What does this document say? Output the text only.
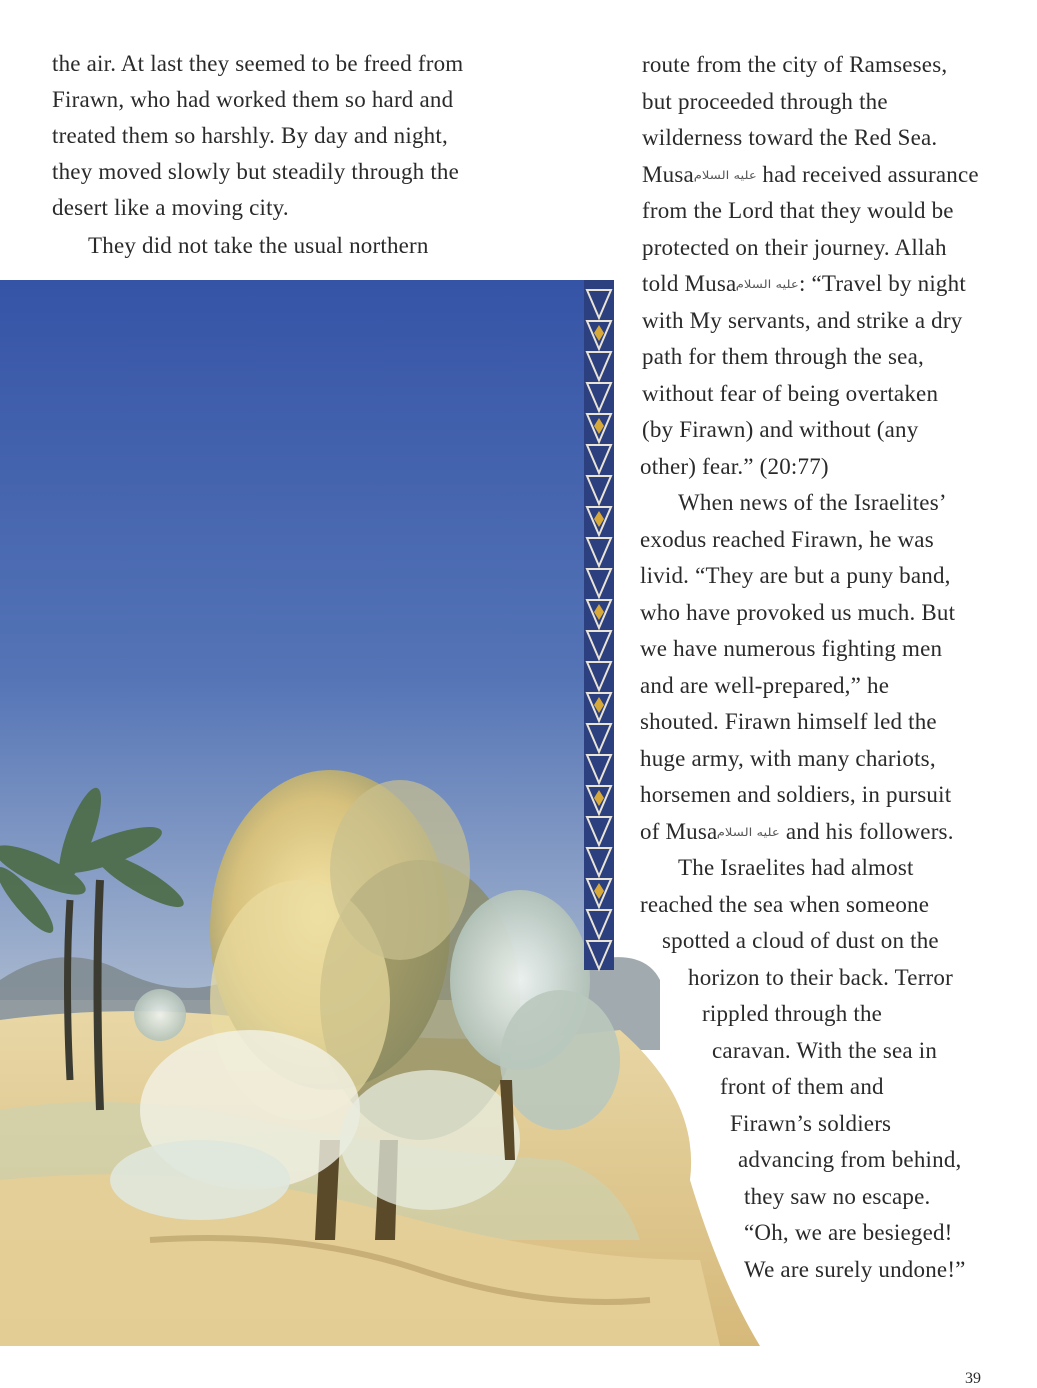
the air. At last they seemed to be freed from
Firawn, who had worked them so hard and
treated them so harshly. By day and night,
they moved slowly but steadily through the
desert like a moving city.
They did not take the usual northern
route from the city of Ramseses,
but proceeded through the
wilderness toward the Red Sea.
Musaعليه السلام had received assurance
from the Lord that they would be
protected on their journey. Allah
told Musaعليه السلام: “Travel by night
with My servants, and strike a dry
path for them through the sea,
without fear of being overtaken
(by Firawn) and without (any
other) fear.” (20:77)
When news of the Israelites’
exodus reached Firawn, he was
livid. “They are but a puny band,
who have provoked us much. But
we have numerous fighting men
and are well-prepared,” he
shouted. Firawn himself led the
huge army, with many chariots,
horsemen and soldiers, in pursuit
of Musaعليه السلام and his followers.
The Israelites had almost
reached the sea when someone
spotted a cloud of dust on the
horizon to their back. Terror
rippled through the
caravan. With the sea in
front of them and
Firawn’s soldiers
advancing from behind,
they saw no escape.
“Oh, we are besieged!
We are surely undone!”
39
